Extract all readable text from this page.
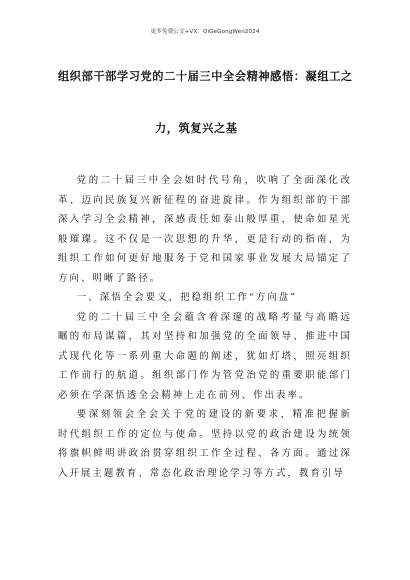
更多免费公文+VX：QiGeGongWen2024
组织部干部学习党的二十届三中全会精神感悟：凝组工之
力，筑复兴之基

党的二十届三中全会如时代号角，吹响了全面深化改革、迈向民族复兴新征程的奋进旋律。作为组织部的干部深入学习全会精神，深感责任如泰山般厚重，使命如星光般璀璨。这不仅是一次思想的升华，更是行动的指南，为组织工作如何更好地服务于党和国家事业发展大局锚定了方向、明晰了路径。

一、深悟全会要义，把稳组织工作“方向盘”

党的二十届三中全会蕴含着深邃的战略考量与高瞻远瞩的布局谋篇，其对坚持和加强党的全面领导、推进中国式现代化等一系列重大命题的阐述，犹如灯塔，照亮组织工作前行的航道。组织部门作为管党治党的重要职能部门必须在学深悟透全会精神上走在前列、作出表率。

要深刻领会全会关于党的建设的新要求，精准把握新时代组织工作的定位与使命。坚持以党的政治建设为统领将旗帜鲜明讲政治贯穿组织工作全过程、各方面。通过深入开展主题教育、常态化政治理论学习等方式，教育引导
